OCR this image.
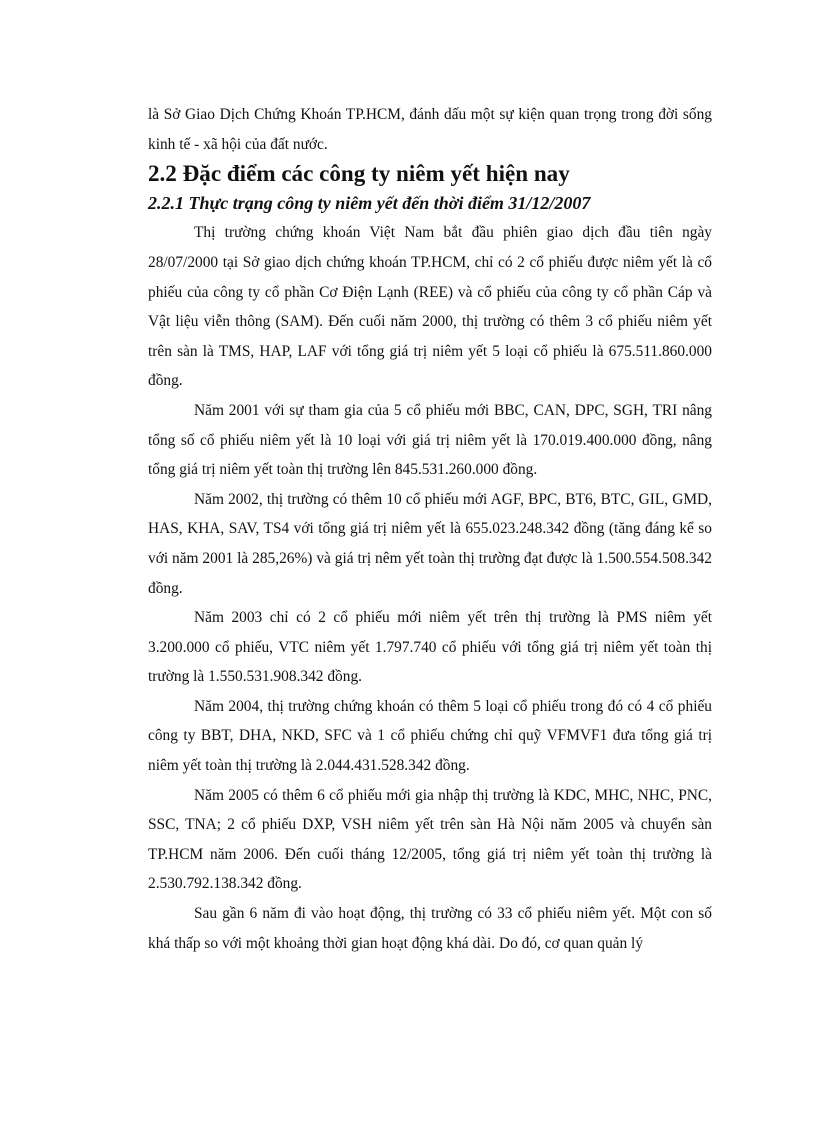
là Sở Giao Dịch Chứng Khoán TP.HCM, đánh dấu một sự kiện quan trọng trong đời sống kinh tế - xã hội của đất nước.

2.2 Đặc điểm các công ty niêm yết hiện nay
2.2.1 Thực trạng công ty niêm yết đến thời điểm 31/12/2007

Thị trường chứng khoán Việt Nam bắt đầu phiên giao dịch đầu tiên ngày 28/07/2000 tại Sở giao dịch chứng khoán TP.HCM, chỉ có 2 cổ phiếu được niêm yết là cổ phiếu của công ty cổ phần Cơ Điện Lạnh (REE) và cổ phiếu của công ty cổ phần Cáp và Vật liệu viễn thông (SAM). Đến cuối năm 2000, thị trường có thêm 3 cổ phiếu niêm yết trên sàn là TMS, HAP, LAF với tổng giá trị niêm yết 5 loại cổ phiếu là 675.511.860.000 đồng.

Năm 2001 với sự tham gia của 5 cổ phiếu mới BBC, CAN, DPC, SGH, TRI nâng tổng số cổ phiếu niêm yết là 10 loại với giá trị niêm yết là 170.019.400.000 đồng, nâng tổng giá trị niêm yết toàn thị trường lên 845.531.260.000 đồng.

Năm 2002, thị trường có thêm 10 cổ phiếu mới AGF, BPC, BT6, BTC, GIL, GMD, HAS, KHA, SAV, TS4 với tổng giá trị niêm yết là 655.023.248.342 đồng (tăng đáng kể so với năm 2001 là 285,26%) và giá trị nêm yết toàn thị trường đạt được là 1.500.554.508.342 đồng.

Năm 2003 chỉ có 2 cổ phiếu mới niêm yết trên thị trường là PMS niêm yết 3.200.000 cổ phiếu, VTC niêm yết 1.797.740 cổ phiếu với tổng giá trị niêm yết toàn thị trường là 1.550.531.908.342 đồng.

Năm 2004, thị trường chứng khoán có thêm 5 loại cổ phiếu trong đó có 4 cổ phiếu công ty BBT, DHA, NKD, SFC và 1 cổ phiếu chứng chỉ quỹ VFMVF1 đưa tổng giá trị niêm yết toàn thị trường là 2.044.431.528.342 đồng.

Năm 2005 có thêm 6 cổ phiếu mới gia nhập thị trường là KDC, MHC, NHC, PNC, SSC, TNA; 2 cổ phiếu DXP, VSH niêm yết trên sàn Hà Nội năm 2005 và chuyển sàn TP.HCM năm 2006. Đến cuối tháng 12/2005, tổng giá trị niêm yết toàn thị trường là 2.530.792.138.342 đồng.

Sau gần 6 năm đi vào hoạt động, thị trường có 33 cổ phiếu niêm yết. Một con số khá thấp so với một khoảng thời gian hoạt động khá dài. Do đó, cơ quan quản lý
